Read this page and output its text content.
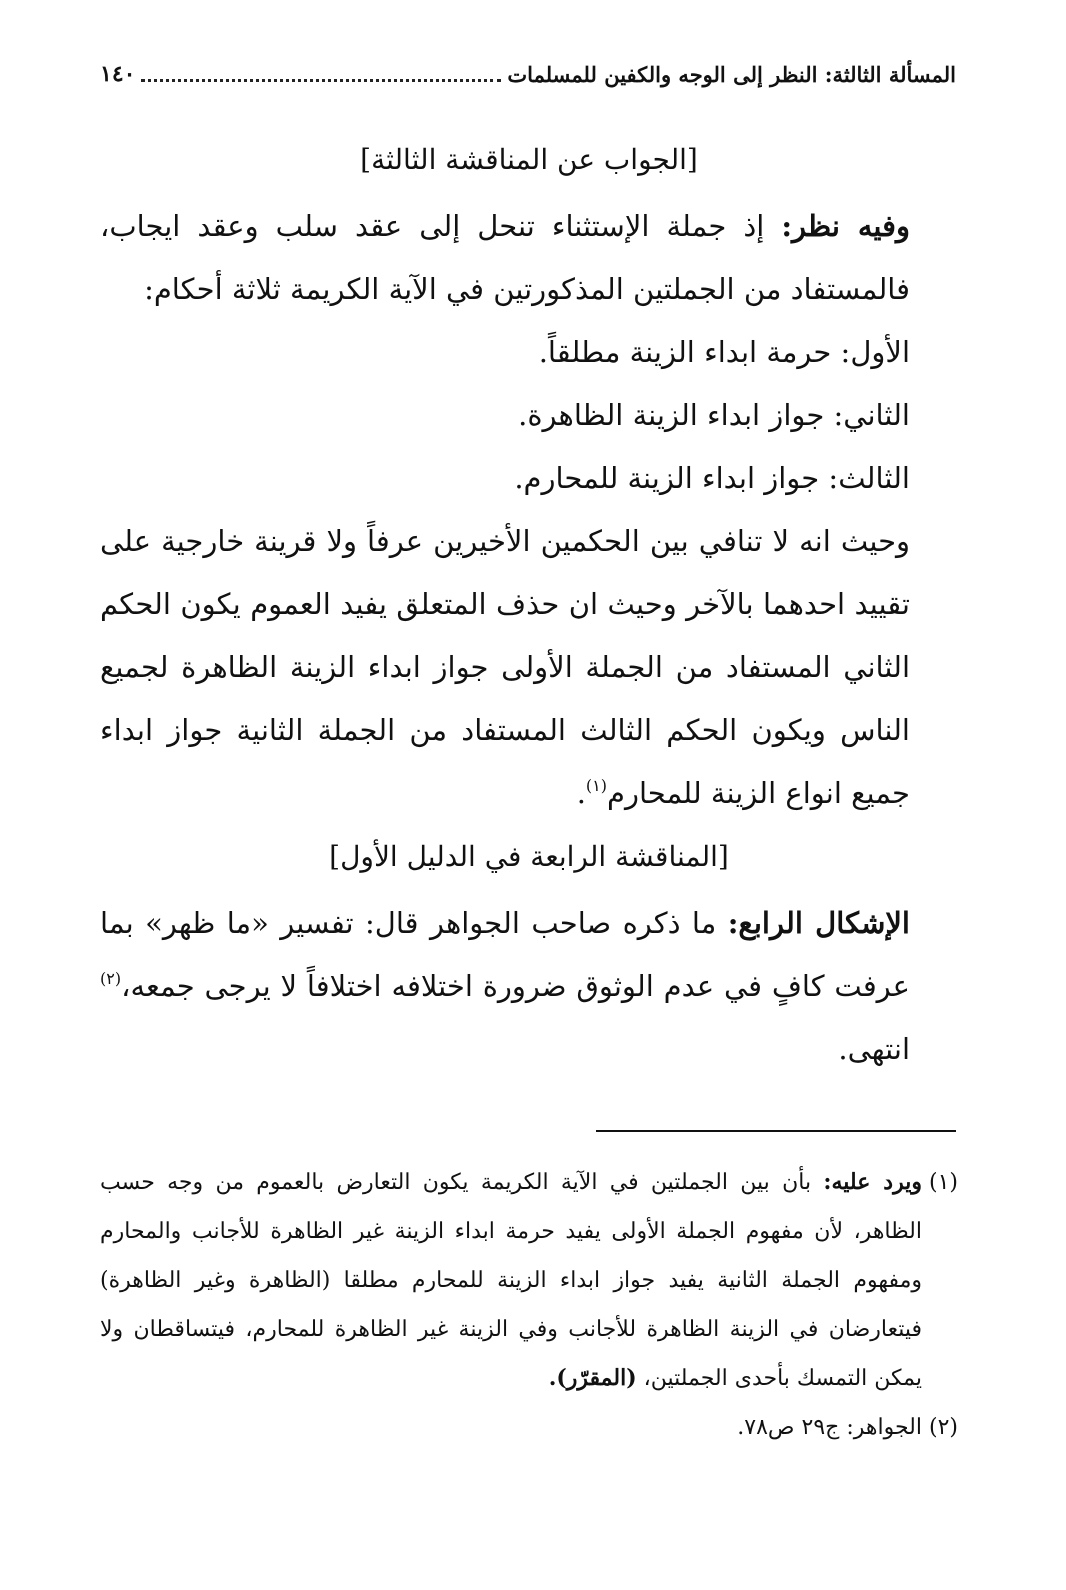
المسألة الثالثة: النظر إلى الوجه والكفين للمسلمات
١٤٠

[الجواب عن المناقشة الثالثة]

وفيه نظر: إذ جملة الإستثناء تنحل إلى عقد سلب وعقد ايجاب، فالمستفاد من الجملتين المذكورتين في الآية الكريمة ثلاثة أحكام:

الأول: حرمة ابداء الزينة مطلقاً.

الثاني: جواز ابداء الزينة الظاهرة.

الثالث: جواز ابداء الزينة للمحارم.

وحيث انه لا تنافي بين الحكمين الأخيرين عرفاً ولا قرينة خارجية على تقييد احدهما بالآخر وحيث ان حذف المتعلق يفيد العموم يكون الحكم الثاني المستفاد من الجملة الأولى جواز ابداء الزينة الظاهرة لجميع الناس ويكون الحكم الثالث المستفاد من الجملة الثانية جواز ابداء جميع انواع الزينة للمحارم$^{(١)}$.

[المناقشة الرابعة في الدليل الأول]

الإشكال الرابع: ما ذكره صاحب الجواهر قال: تفسير «ما ظهر» بما عرفت كافٍ في عدم الوثوق ضرورة اختلافه اختلافاً لا يرجى جمعه،$^{(٢)}$ انتهى.

(١)
ويرد عليه: بأن بين الجملتين في الآية الكريمة يكون التعارض بالعموم من وجه حسب الظاهر، لأن مفهوم الجملة الأولى يفيد حرمة ابداء الزينة غير الظاهرة للأجانب والمحارم ومفهوم الجملة الثانية يفيد جواز ابداء الزينة للمحارم مطلقا (الظاهرة وغير الظاهرة) فيتعارضان في الزينة الظاهرة للأجانب وفي الزينة غير الظاهرة للمحارم، فيتساقطان ولا يمكن التمسك بأحدى الجملتين، (المقرّر).
(٢)
الجواهر: ج٢٩ ص٧٨.
